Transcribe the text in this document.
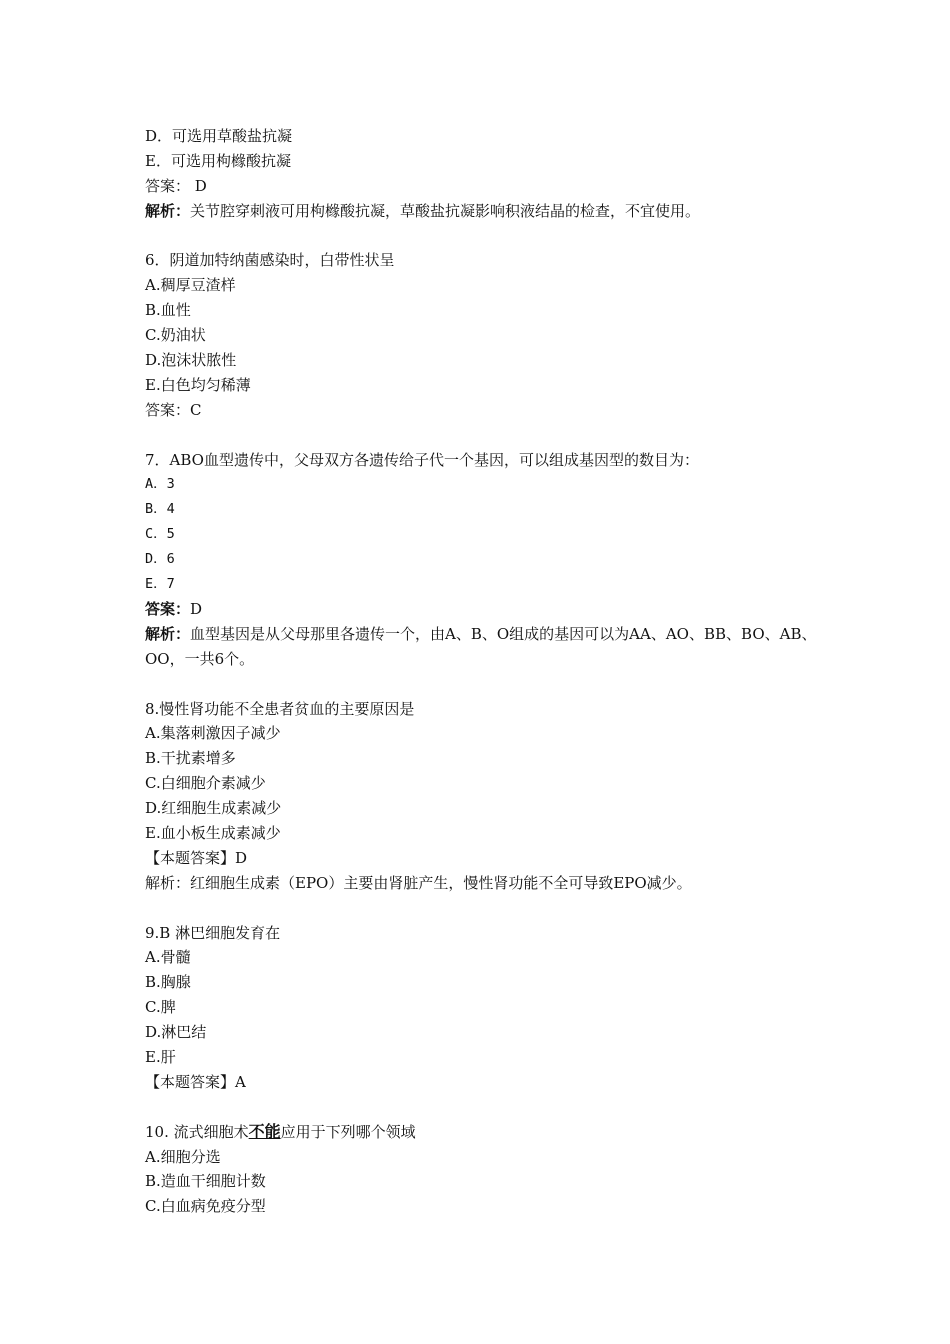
D．可选用草酸盐抗凝
E．可选用枸橼酸抗凝
答案： D
解析：关节腔穿刺液可用枸橼酸抗凝，草酸盐抗凝影响积液结晶的检查，不宜使用。
6．阴道加特纳菌感染时，白带性状呈
A.稠厚豆渣样
B.血性
C.奶油状
D.泡沫状脓性
E.白色均匀稀薄
答案：C
7．ABO血型遗传中，父母双方各遗传给子代一个基因，可以组成基因型的数目为：
A．3
B．4
C．5
D．6
E．7
答案：D
解析：血型基因是从父母那里各遗传一个，由A、B、O组成的基因可以为AA、AO、BB、BO、AB、OO，一共6个。
8.慢性肾功能不全患者贫血的主要原因是
A.集落刺激因子减少
B.干扰素增多
C.白细胞介素减少
D.红细胞生成素减少
E.血小板生成素减少
【本题答案】D
解析：红细胞生成素（EPO）主要由肾脏产生，慢性肾功能不全可导致EPO减少。
9.B 淋巴细胞发育在
A.骨髓
B.胸腺
C.脾
D.淋巴结
E.肝
【本题答案】A
10. 流式细胞术不能应用于下列哪个领域
A.细胞分选
B.造血干细胞计数
C.白血病免疫分型
